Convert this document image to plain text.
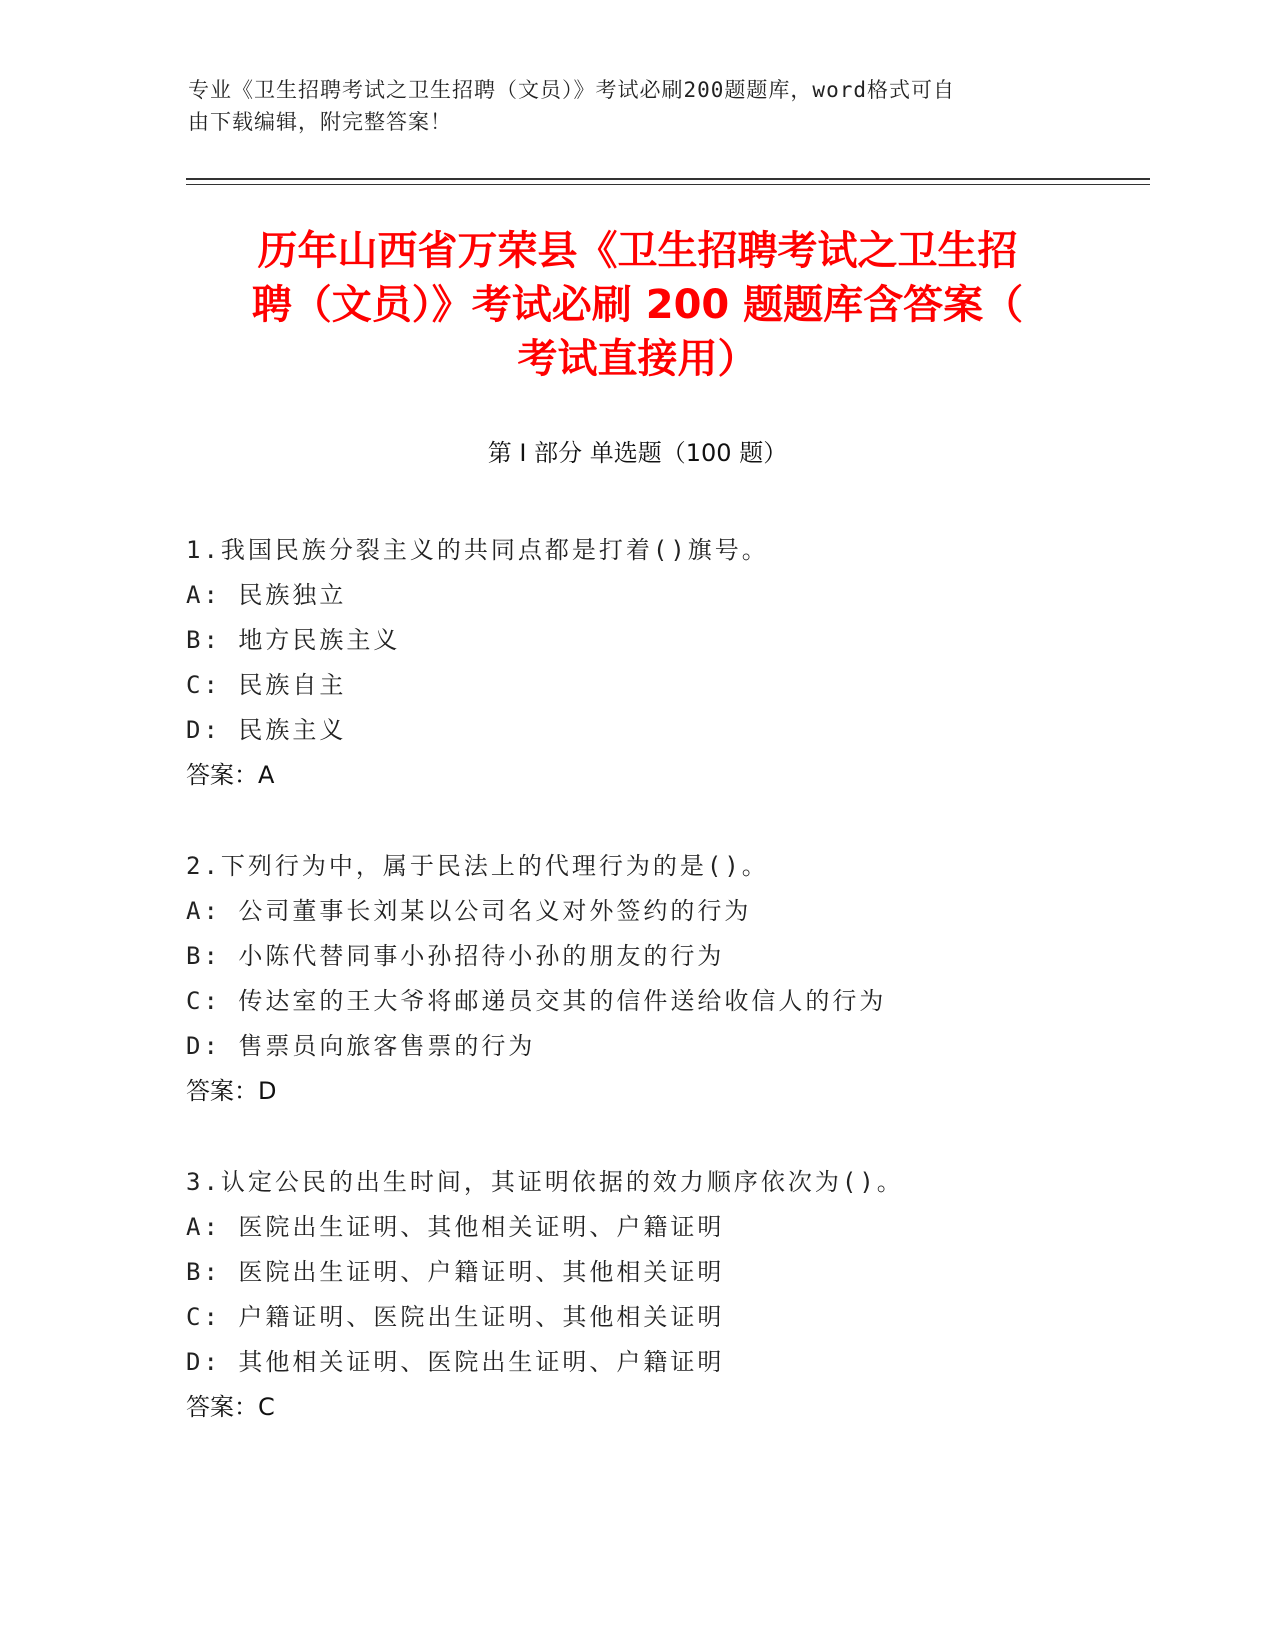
专业《卫生招聘考试之卫生招聘（文员）》考试必刷200题题库，word格式可自
由下载编辑，附完整答案！
历年山西省万荣县《卫生招聘考试之卫生招
聘（文员）》考试必刷 200 题题库含答案（
考试直接用）
第 I 部分 单选题（100 题）
1.我国民族分裂主义的共同点都是打着()旗号。
A: 民族独立
B: 地方民族主义
C: 民族自主
D: 民族主义
答案：A
2.下列行为中，属于民法上的代理行为的是()。
A: 公司董事长刘某以公司名义对外签约的行为
B: 小陈代替同事小孙招待小孙的朋友的行为
C: 传达室的王大爷将邮递员交其的信件送给收信人的行为
D: 售票员向旅客售票的行为
答案：D
3.认定公民的出生时间，其证明依据的效力顺序依次为()。
A: 医院出生证明、其他相关证明、户籍证明
B: 医院出生证明、户籍证明、其他相关证明
C: 户籍证明、医院出生证明、其他相关证明
D: 其他相关证明、医院出生证明、户籍证明
答案：C
